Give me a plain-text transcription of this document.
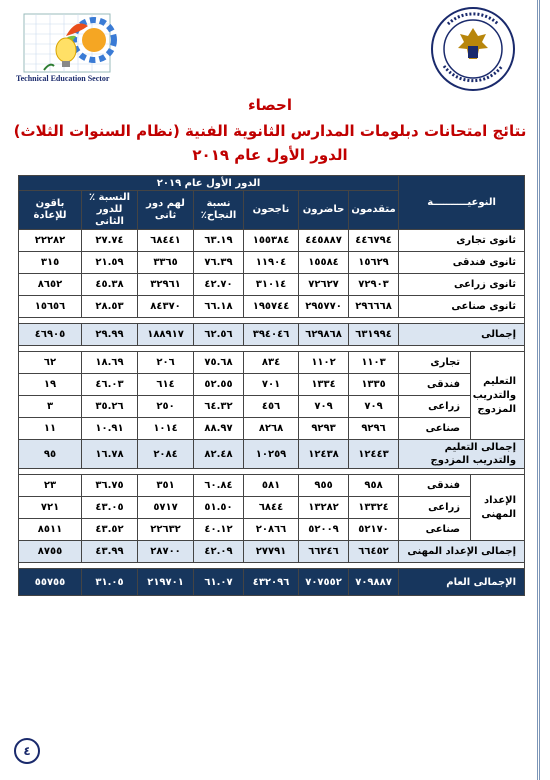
Technical Education Sector
احصاء
نتائج امتحانات دبلومات المدارس الثانوية الفنية (نظام السنوات الثلاث)
الدور الأول عام ٢٠١٩
النوعيــــــــــة		الدور الأول عام ٢٠١٩						
		متقدمون	حاضرون	ناجحون	نسبة النجاح٪	لهم دور ثانى	النسبة ٪ للدور الثانى	باقون للإعادة
ثانوى تجارى		٤٤٦٧٩٤	٤٤٥٨٨٧	١٥٥٣٨٤	٦٣.١٩	٦٨٤٤١	٢٧.٧٤	٢٢٢٨٢
ثانوى فندقى		١٥٦٢٩	١٥٥٨٤	١١٩٠٤	٧٦.٣٩	٣٣٦٥	٢١.٥٩	٣١٥
ثانوى زراعى		٧٢٩٠٣	٧٢٦٢٧	٣١٠١٤	٤٢.٧٠	٣٢٩٦١	٤٥.٣٨	٨٦٥٢
ثانوى صناعى		٢٩٦٦٦٨	٢٩٥٧٧٠	١٩٥٧٤٤	٦٦.١٨	٨٤٣٧٠	٢٨.٥٣	١٥٦٥٦

إجمالى		٦٣١٩٩٤	٦٢٩٨٦٨	٣٩٤٠٤٦	٦٢.٥٦	١٨٨٩١٧	٢٩.٩٩	٤٦٩٠٥

التعليم والتدريب المزدوج	تجارى	١١٠٣	١١٠٢	٨٣٤	٧٥.٦٨	٢٠٦	١٨.٦٩	٦٢
	فندقى	١٣٣٥	١٣٣٤	٧٠١	٥٢.٥٥	٦١٤	٤٦.٠٣	١٩
	زراعى	٧٠٩	٧٠٩	٤٥٦	٦٤.٣٢	٢٥٠	٣٥.٢٦	٣
	صناعى	٩٢٩٦	٩٢٩٣	٨٢٦٨	٨٨.٩٧	١٠١٤	١٠.٩١	١١
إجمالى التعليم والتدريب المزدوج		١٢٤٤٣	١٢٤٣٨	١٠٢٥٩	٨٢.٤٨	٢٠٨٤	١٦.٧٨	٩٥

الإعداد المهنى	فندقى	٩٥٨	٩٥٥	٥٨١	٦٠.٨٤	٣٥١	٣٦.٧٥	٢٣
	زراعى	١٣٣٢٤	١٣٢٨٢	٦٨٤٤	٥١.٥٠	٥٧١٧	٤٣.٠٥	٧٢١
	صناعى	٥٢١٧٠	٥٢٠٠٩	٢٠٨٦٦	٤٠.١٢	٢٢٦٣٢	٤٣.٥٢	٨٥١١
إجمالى الإعداد المهنى		٦٦٤٥٢	٦٦٢٤٦	٢٧٧٩١	٤٢.٠٩	٢٨٧٠٠	٤٣.٩٩	٨٧٥٥

الإجمالى العام		٧٠٩٨٨٧	٧٠٧٥٥٢	٤٣٢٠٩٦	٦١.٠٧	٢١٩٧٠١	٣١.٠٥	٥٥٧٥٥
٤
